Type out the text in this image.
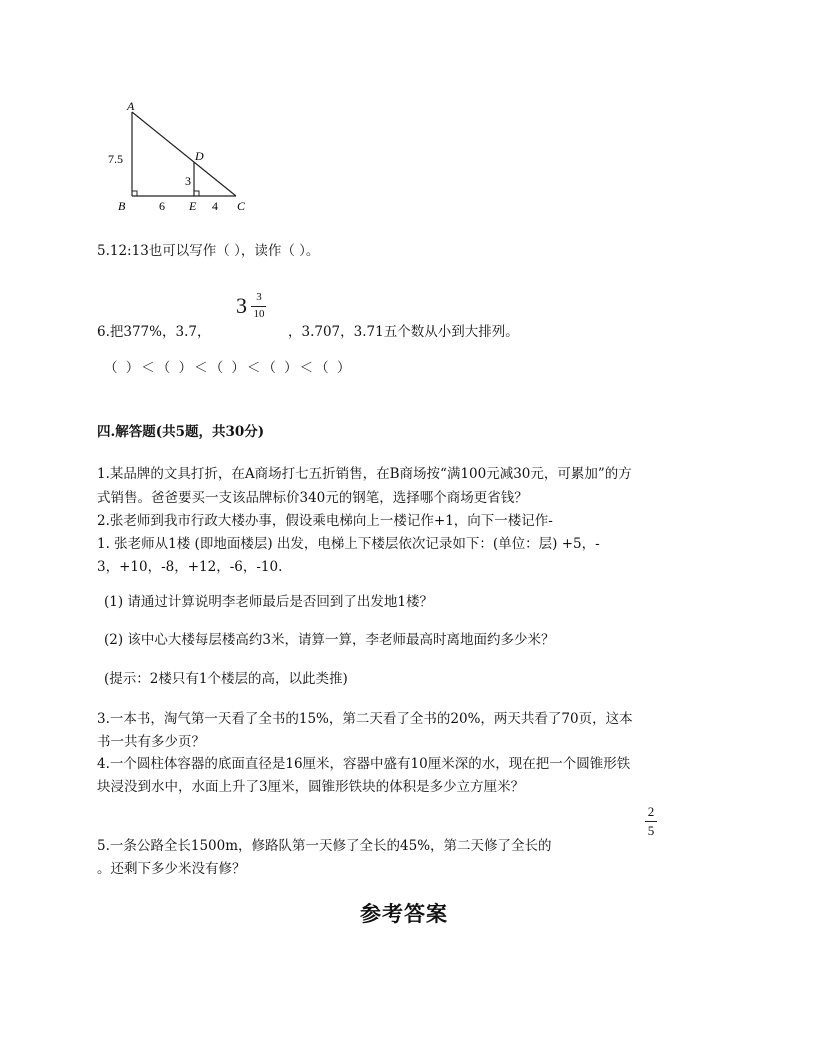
A
B	C
D
E
7.5
3
6	4
5.12:13也可以写作（ ），读作（ ）。
3 3
10
6.把377%，3.7，	，3.707，3.71五个数从小到大排列。
（ ）＜（ ）＜（ ）＜（ ）＜（ ）
四.解答题(共5题，共30分)
1.某品牌的文具打折，在A商场打七五折销售，在B商场按“满100元减30元，可累加”的方
式销售。爸爸要买一支该品牌标价340元的钢笔，选择哪个商场更省钱？
2.张老师到我市行政大楼办事，假设乘电梯向上一楼记作+1，向下一楼记作-
1. 张老师从1楼 (即地面楼层) 出发，电梯上下楼层依次记录如下：(单位：层) +5，-
3，+10，-8，+12，-6，-10.
(1) 请通过计算说明李老师最后是否回到了出发地1楼？
(2) 该中心大楼每层楼高约3米，请算一算，李老师最高时离地面约多少米？
(提示：2楼只有1个楼层的高，以此类推)
3.一本书，淘气第一天看了全书的15%，第二天看了全书的20%，两天共看了70页，这本
书一共有多少页？
4.一个圆柱体容器的底面直径是16厘米，容器中盛有10厘米深的水，现在把一个圆锥形铁
块浸没到水中，水面上升了3厘米，圆锥形铁块的体积是多少立方厘米？
2
5
5.一条公路全长1500m，修路队第一天修了全长的45%，第二天修了全长的
。还剩下多少米没有修？
参考答案
